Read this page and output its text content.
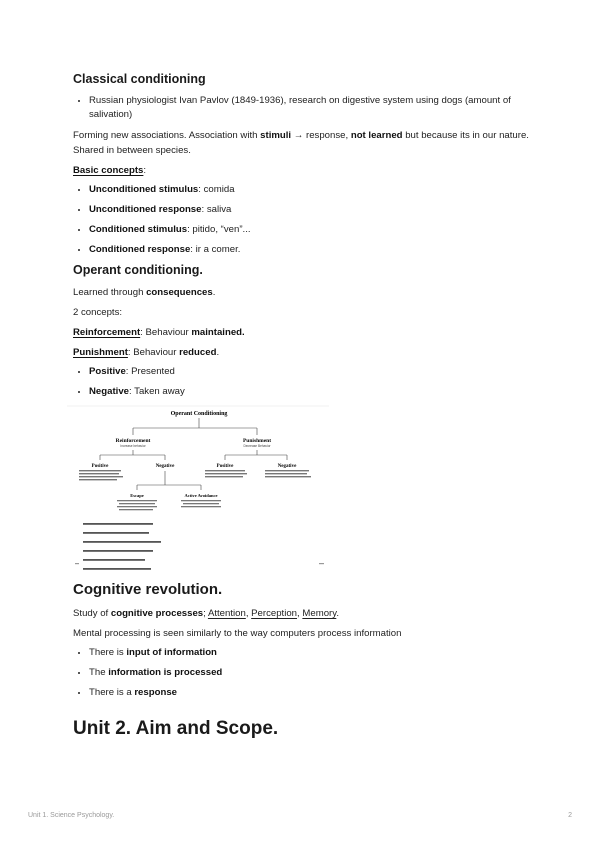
Classical conditioning
• Russian physiologist Ivan Pavlov (1849-1936), research on digestive system using dogs (amount of salivation)

Forming new associations. Association with stimuli → response, not learned but because its in our nature. Shared in between species.

Basic concepts:

• Unconditioned stimulus: comida
• Unconditioned response: saliva
• Conditioned stimulus: pitido, “ven”...
• Conditioned response: ir a comer.
Operant conditioning.

Learned through consequences.

2 concepts:

Reinforcement: Behaviour maintained.

Punishment: Behaviour reduced.

• Positive: Presented
• Negative: Taken away
Operant Conditioning
Reinforcement
Increase behavior
Punishment
Decrease Behavior
Positive	Negative	Positive	Negative
Escape	Active Avoidance
Cognitive revolution.

Study of cognitive processes; Attention, Perception, Memory.

Mental processing is seen similarly to the way computers process information

• There is input of information
• The information is processed
• There is a response
Unit 2. Aim and Scope.
Unit 1. Science Psychology.	2
